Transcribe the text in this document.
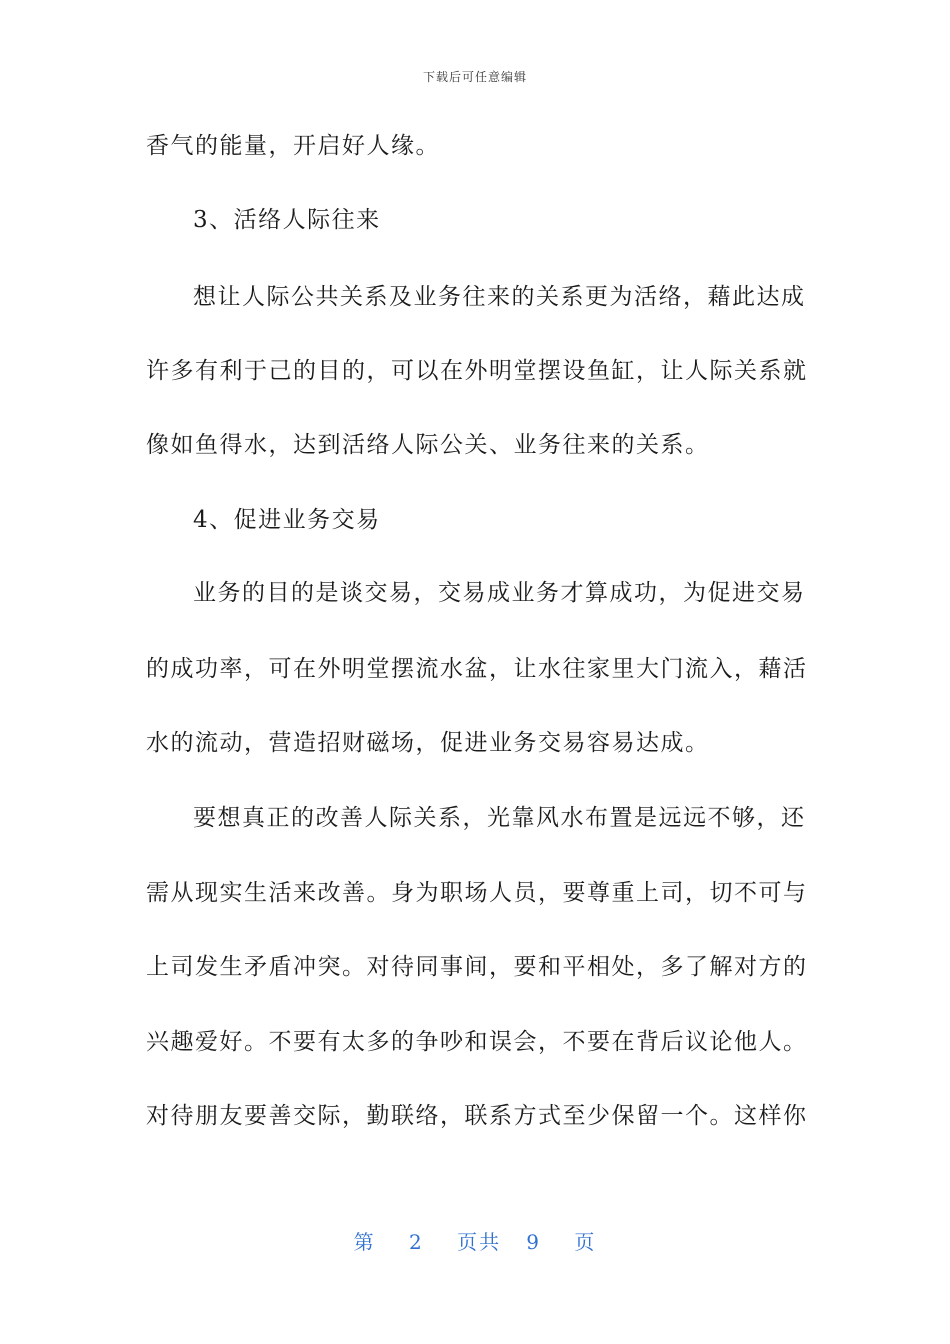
下载后可任意编辑
香气的能量，开启好人缘。
3、活络人际往来
想让人际公共关系及业务往来的关系更为活络，藉此达成
许多有利于己的目的，可以在外明堂摆设鱼缸，让人际关系就
像如鱼得水，达到活络人际公关、业务往来的关系。
4、促进业务交易
业务的目的是谈交易，交易成业务才算成功，为促进交易
的成功率，可在外明堂摆流水盆，让水往家里大门流入，藉活
水的流动，营造招财磁场，促进业务交易容易达成。
要想真正的改善人际关系，光靠风水布置是远远不够，还
需从现实生活来改善。身为职场人员，要尊重上司，切不可与
上司发生矛盾冲突。对待同事间，要和平相处，多了解对方的
兴趣爱好。不要有太多的争吵和误会，不要在背后议论他人。
对待朋友要善交际，勤联络，联系方式至少保留一个。这样你
第 2 页共 9 页
